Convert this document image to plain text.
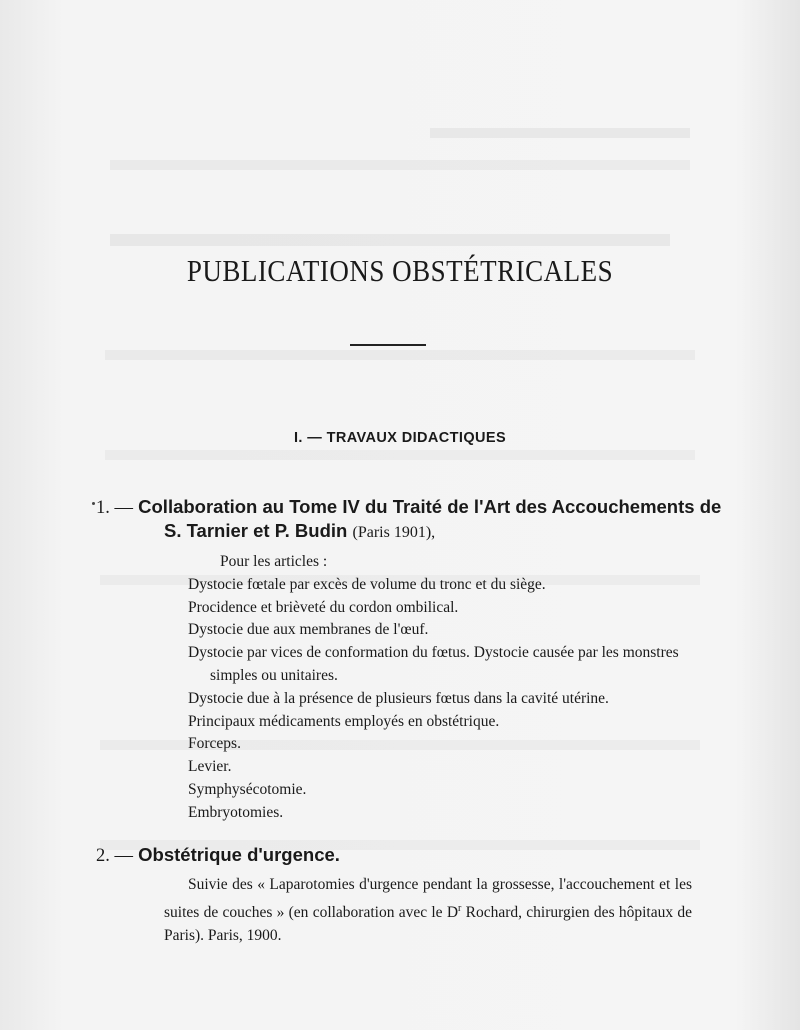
PUBLICATIONS OBSTÉTRICALES
I. — TRAVAUX DIDACTIQUES
1. — Collaboration au Tome IV du Traité de l'Art des Accouchements de
S. Tarnier et P. Budin (Paris 1901),
Pour les articles :
Dystocie fœtale par excès de volume du tronc et du siège.
Procidence et brièveté du cordon ombilical.
Dystocie due aux membranes de l'œuf.
Dystocie par vices de conformation du fœtus. Dystocie causée par les monstres simples ou unitaires.
Dystocie due à la présence de plusieurs fœtus dans la cavité utérine.
Principaux médicaments employés en obstétrique.
Forceps.
Levier.
Symphysécotomie.
Embryotomies.
2. — Obstétrique d'urgence.
Suivie des « Laparotomies d'urgence pendant la grossesse, l'accouchement et les suites de couches » (en collaboration avec le $D^r$ Rochard, chirurgien des hôpitaux de Paris). Paris, 1900.
